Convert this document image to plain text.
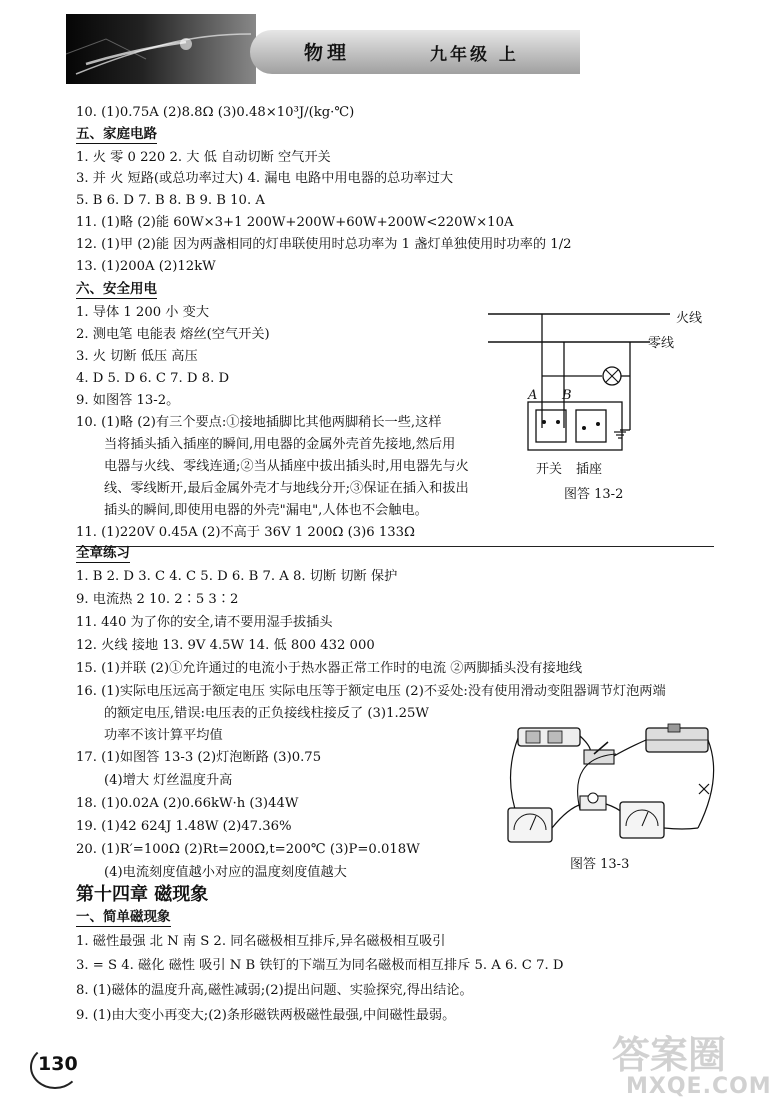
物理	九年级 上
10. (1)0.75A (2)8.8Ω (3)0.48×10³J/(kg·℃)
五、家庭电路
1. 火 零 0 220 2. 大 低 自动切断 空气开关
3. 并 火 短路(或总功率过大) 4. 漏电 电路中用电器的总功率过大
5. B 6. D 7. B 8. B 9. B 10. A
11. (1)略 (2)能 60W×3+1 200W+200W+60W+200W<220W×10A
12. (1)甲 (2)能 因为两盏相同的灯串联使用时总功率为 1 盏灯单独使用时功率的 1/2
13. (1)200A (2)12kW
六、安全用电
1. 导体 1 200 小 变大
2. 测电笔 电能表 熔丝(空气开关)
3. 火 切断 低压 高压
4. D 5. D 6. C 7. D 8. D
9. 如图答 13-2。
10. (1)略 (2)有三个要点:①接地插脚比其他两脚稍长一些,这样
当将插头插入插座的瞬间,用电器的金属外壳首先接地,然后用
电器与火线、零线连通;②当从插座中拔出插头时,用电器先与火
线、零线断开,最后金属外壳才与地线分开;③保证在插入和拔出
插头的瞬间,即使用电器的外壳"漏电",人体也不会触电。
11. (1)220V 0.45A (2)不高于 36V 1 200Ω (3)6 133Ω
火线
零线
A B
开关 插座
图答 13-2
全章练习
1. B 2. D 3. C 4. C 5. D 6. B 7. A 8. 切断 切断 保护
9. 电流热 2 10. 2∶5 3∶2
11. 440 为了你的安全,请不要用湿手拔插头
12. 火线 接地 13. 9V 4.5W 14. 低 800 432 000
15. (1)并联 (2)①允许通过的电流小于热水器正常工作时的电流 ②两脚插头没有接地线
16. (1)实际电压远高于额定电压 实际电压等于额定电压 (2)不妥处:没有使用滑动变阻器调节灯泡两端
的额定电压,错误:电压表的正负接线柱接反了 (3)1.25W
功率不该计算平均值
17. (1)如图答 13-3 (2)灯泡断路 (3)0.75
(4)增大 灯丝温度升高
18. (1)0.02A (2)0.66kW·h (3)44W
19. (1)42 624J 1.48W (2)47.36%
20. (1)R′=100Ω (2)Rt=200Ω,t=200℃ (3)P=0.018W
(4)电流刻度值越小对应的温度刻度值越大
图答 13-3
第十四章 磁现象
一、简单磁现象
1. 磁性最强 北 N 南 S 2. 同名磁极相互排斥,异名磁极相互吸引
3. = S 4. 磁化 磁性 吸引 N B 铁钉的下端互为同名磁极而相互排斥 5. A 6. C 7. D
8. (1)磁体的温度升高,磁性减弱;(2)提出问题、实验探究,得出结论。
9. (1)由大变小再变大;(2)条形磁铁两极磁性最强,中间磁性最弱。
130	答案圈
MXQE.COM
